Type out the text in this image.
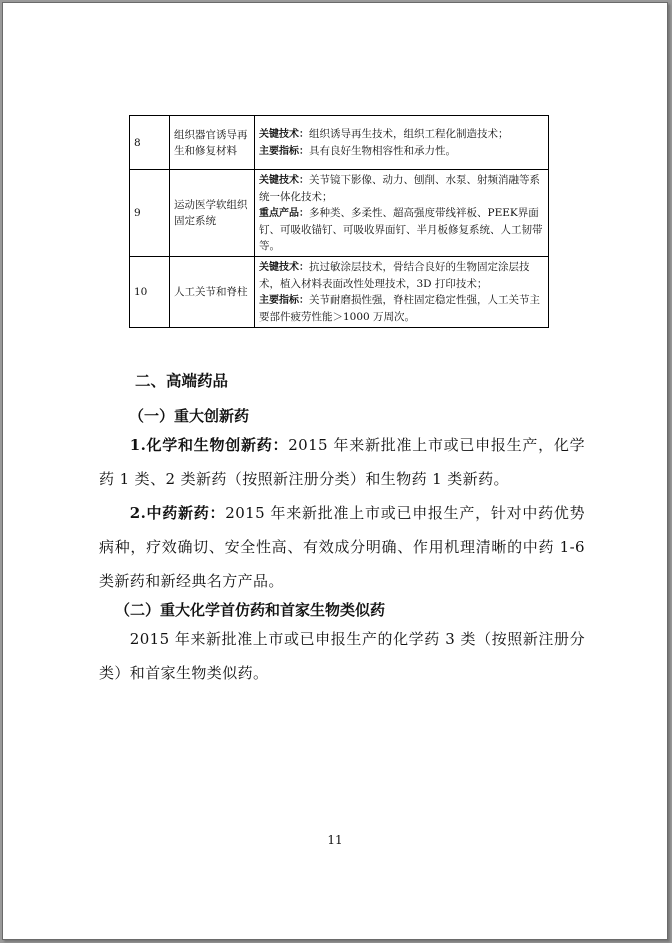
8	组织器官诱导再生和修复材料	关键技术：组织诱导再生技术，组织工程化制造技术；
主要指标：具有良好生物相容性和承力性。

9	运动医学软组织固定系统	关键技术：关节镜下影像、动力、刨削、水泵、射频消融等系统一体化技术；
重点产品：多种类、多柔性、超高强度带线袢板、PEEK界面钉、可吸收锚钉、可吸收界面钉、半月板修复系统、人工韧带等。

10	人工关节和脊柱	关键技术：抗过敏涂层技术，骨结合良好的生物固定涂层技术，植入材料表面改性处理技术，3D 打印技术；
主要指标：关节耐磨损性强，脊柱固定稳定性强，人工关节主要部件疲劳性能＞1000 万周次。
二、高端药品
（一）重大创新药

1.化学和生物创新药：2015 年来新批准上市或已申报生产，化学药 1 类、2 类新药（按照新注册分类）和生物药 1 类新药。

2.中药新药：2015 年来新批准上市或已申报生产，针对中药优势病种，疗效确切、安全性高、有效成分明确、作用机理清晰的中药 1-6 类新药和新经典名方产品。

（二）重大化学首仿药和首家生物类似药

2015 年来新批准上市或已申报生产的化学药 3 类（按照新注册分类）和首家生物类似药。

11
